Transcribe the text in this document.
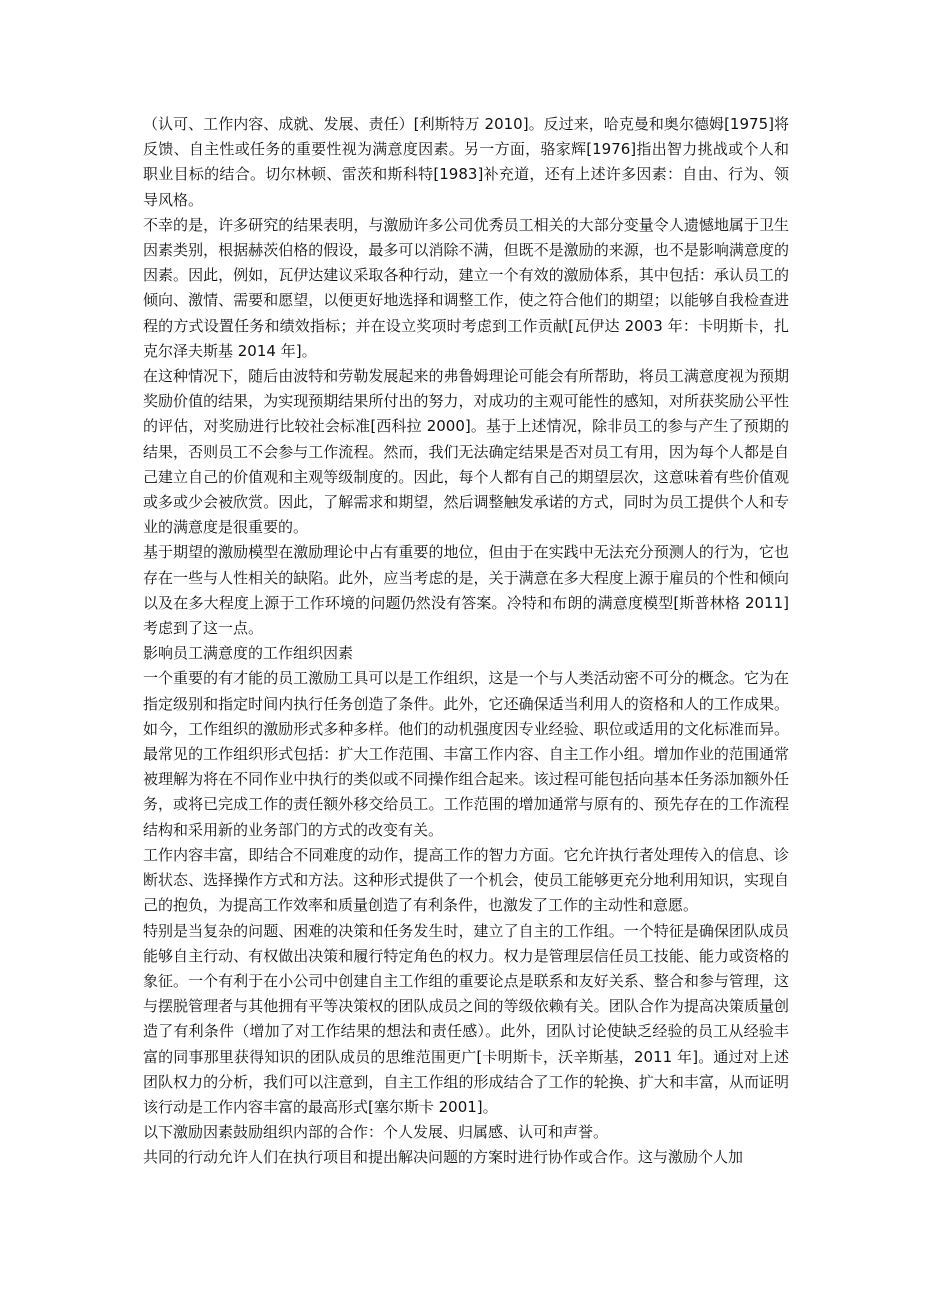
（认可、工作内容、成就、发展、责任）[利斯特万 2010]。反过来，哈克曼和奥尔德姆[1975]将反馈、自主性或任务的重要性视为满意度因素。另一方面，骆家辉[1976]指出智力挑战或个人和职业目标的结合。切尔林顿、雷茨和斯科特[1983]补充道，还有上述许多因素：自由、行为、领导风格。

不幸的是，许多研究的结果表明，与激励许多公司优秀员工相关的大部分变量令人遗憾地属于卫生因素类别，根据赫茨伯格的假设，最多可以消除不满，但既不是激励的来源，也不是影响满意度的因素。因此，例如，瓦伊达建议采取各种行动，建立一个有效的激励体系，其中包括：承认员工的倾向、激情、需要和愿望，以便更好地选择和调整工作，使之符合他们的期望；以能够自我检查进程的方式设置任务和绩效指标；并在设立奖项时考虑到工作贡献[瓦伊达 2003 年：卡明斯卡，扎克尔泽夫斯基 2014 年]。

在这种情况下，随后由波特和劳勒发展起来的弗鲁姆理论可能会有所帮助，将员工满意度视为预期奖励价值的结果，为实现预期结果所付出的努力，对成功的主观可能性的感知，对所获奖励公平性的评估，对奖励进行比较社会标准[西科拉 2000]。基于上述情况，除非员工的参与产生了预期的结果，否则员工不会参与工作流程。然而，我们无法确定结果是否对员工有用，因为每个人都是自己建立自己的价值观和主观等级制度的。因此，每个人都有自己的期望层次，这意味着有些价值观或多或少会被欣赏。因此，了解需求和期望，然后调整触发承诺的方式，同时为员工提供个人和专业的满意度是很重要的。

基于期望的激励模型在激励理论中占有重要的地位，但由于在实践中无法充分预测人的行为，它也存在一些与人性相关的缺陷。此外，应当考虑的是，关于满意在多大程度上源于雇员的个性和倾向以及在多大程度上源于工作环境的问题仍然没有答案。冷特和布朗的满意度模型[斯普林格 2011]考虑到了这一点。

影响员工满意度的工作组织因素

一个重要的有才能的员工激励工具可以是工作组织，这是一个与人类活动密不可分的概念。它为在指定级别和指定时间内执行任务创造了条件。此外，它还确保适当利用人的资格和人的工作成果。如今，工作组织的激励形式多种多样。他们的动机强度因专业经验、职位或适用的文化标准而异。最常见的工作组织形式包括：扩大工作范围、丰富工作内容、自主工作小组。增加作业的范围通常被理解为将在不同作业中执行的类似或不同操作组合起来。该过程可能包括向基本任务添加额外任务，或将已完成工作的责任额外移交给员工。工作范围的增加通常与原有的、预先存在的工作流程结构和采用新的业务部门的方式的改变有关。

工作内容丰富，即结合不同难度的动作，提高工作的智力方面。它允许执行者处理传入的信息、诊断状态、选择操作方式和方法。这种形式提供了一个机会，使员工能够更充分地利用知识，实现自己的抱负，为提高工作效率和质量创造了有利条件，也激发了工作的主动性和意愿。

特别是当复杂的问题、困难的决策和任务发生时，建立了自主的工作组。一个特征是确保团队成员能够自主行动、有权做出决策和履行特定角色的权力。权力是管理层信任员工技能、能力或资格的象征。一个有利于在小公司中创建自主工作组的重要论点是联系和友好关系、整合和参与管理，这与摆脱管理者与其他拥有平等决策权的团队成员之间的等级依赖有关。团队合作为提高决策质量创造了有利条件（增加了对工作结果的想法和责任感）。此外，团队讨论使缺乏经验的员工从经验丰富的同事那里获得知识的团队成员的思维范围更广[卡明斯卡，沃辛斯基，2011 年]。通过对上述团队权力的分析，我们可以注意到，自主工作组的形成结合了工作的轮换、扩大和丰富，从而证明该行动是工作内容丰富的最高形式[塞尔斯卡 2001]。

以下激励因素鼓励组织内部的合作：个人发展、归属感、认可和声誉。

共同的行动允许人们在执行项目和提出解决问题的方案时进行协作或合作。这与激励个人加
